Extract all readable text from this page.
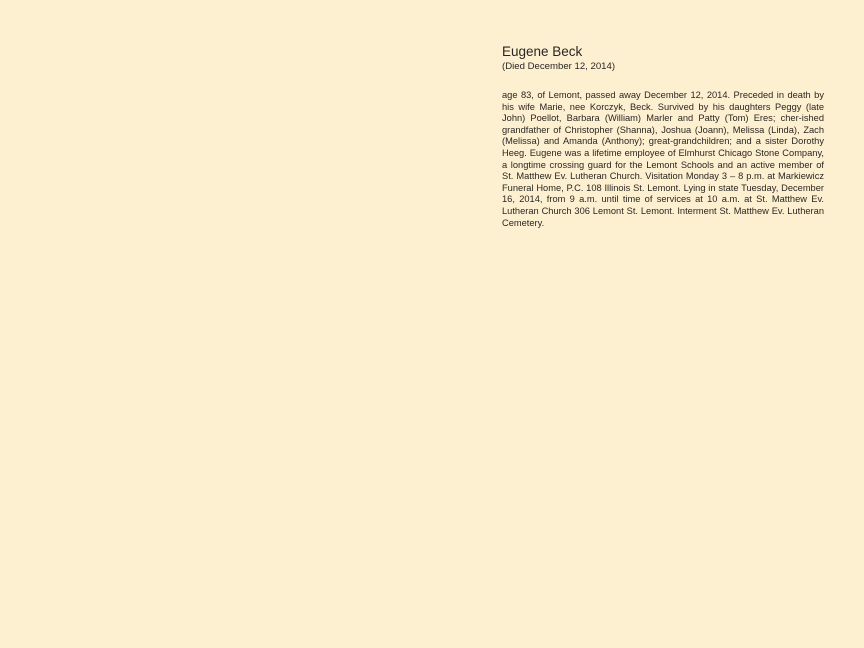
Eugene Beck

(Died December 12, 2014)

age 83, of Lemont, passed away December 12, 2014. Preceded in death by his wife Marie, nee Korczyk, Beck. Survived by his daughters Peggy (late John) Poellot, Barbara (William) Marler and Patty (Tom) Eres; cher-ished grandfather of Christopher (Shanna), Joshua (Joann), Melissa (Linda), Zach (Melissa) and Amanda (Anthony); great-grandchildren; and a sister Dorothy Heeg. Eugene was a lifetime employee of Elmhurst Chicago Stone Company, a longtime crossing guard for the Lemont Schools and an active member of St. Matthew Ev. Lutheran Church. Visitation Monday 3 – 8 p.m. at Markiewicz Funeral Home, P.C. 108 Illinois St. Lemont. Lying in state Tuesday, December 16, 2014, from 9 a.m. until time of services at 10 a.m. at St. Matthew Ev. Lutheran Church 306 Lemont St. Lemont. Interment St. Matthew Ev. Lutheran Cemetery.
